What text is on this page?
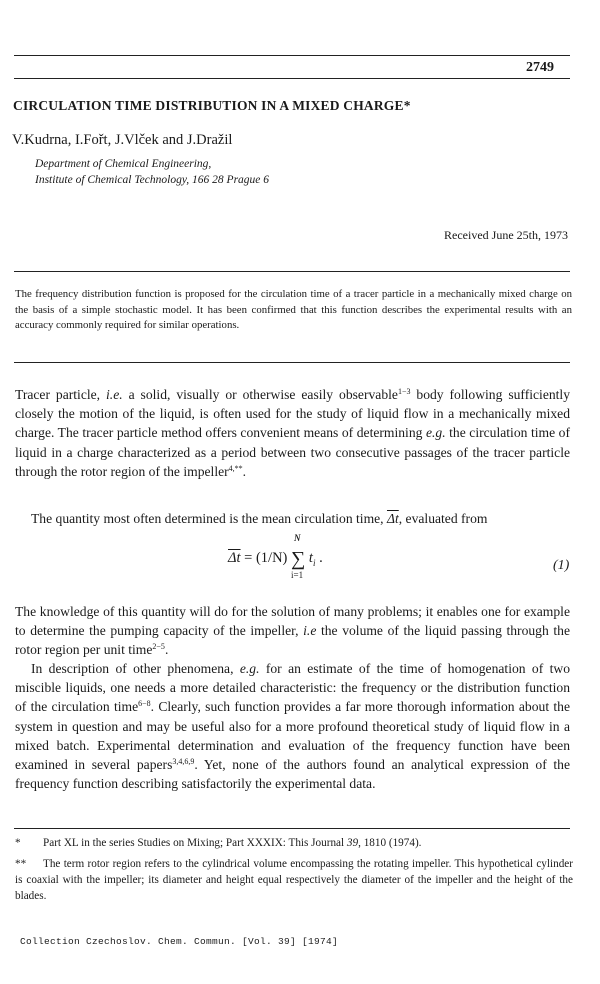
2749
CIRCULATION TIME DISTRIBUTION IN A MIXED CHARGE*
V.Kudrna, I.Fořt, J.Vlček and J.Dražil
Department of Chemical Engineering,
Institute of Chemical Technology, 166 28 Prague 6
Received June 25th, 1973
The frequency distribution function is proposed for the circulation time of a tracer particle in a mechanically mixed charge on the basis of a simple stochastic model. It has been confirmed that this function describes the experimental results with an accuracy commonly required for similar operations.

Tracer particle, i.e. a solid, visually or otherwise easily observable$^{1-3}$ body following sufficiently closely the motion of the liquid, is often used for the study of liquid flow in a mechanically mixed charge. The tracer particle method offers convenient means of determining e.g. the circulation time of liquid in a charge characterized as a period between two consecutive passages of the tracer particle through the rotor region of the impeller$^{4,**}$.

The quantity most often determined is the mean circulation time, $\overline{\Delta t}$, evaluated from

$\overline{\Delta t} = (1/N)$ ∑
N
i=1
$t_i$ .	(1)

The knowledge of this quantity will do for the solution of many problems; it enables one for example to determine the pumping capacity of the impeller, i.e the volume of the liquid passing through the rotor region per unit time$^{2-5}$.

In description of other phenomena, e.g. for an estimate of the time of homogenation of two miscible liquids, one needs a more detailed characteristic: the frequency or the distribution function of the circulation time$^{6-8}$. Clearly, such function provides a far more thorough information about the system in question and may be useful also for a more profound theoretical study of liquid flow in a mixed batch. Experimental determination and evaluation of the frequency function have been examined in several papers$^{3,4,6,9}$. Yet, none of the authors found an analytical expression of the frequency function describing satisfactorily the experimental data.

* Part XL in the series Studies on Mixing; Part XXXIX: This Journal 39, 1810 (1974).
** The term rotor region refers to the cylindrical volume encompassing the rotating impeller. This hypothetical cylinder is coaxial with the impeller; its diameter and height equal respectively the diameter of the impeller and the height of the blades.
Collection Czechoslov. Chem. Commun. [Vol. 39] [1974]
